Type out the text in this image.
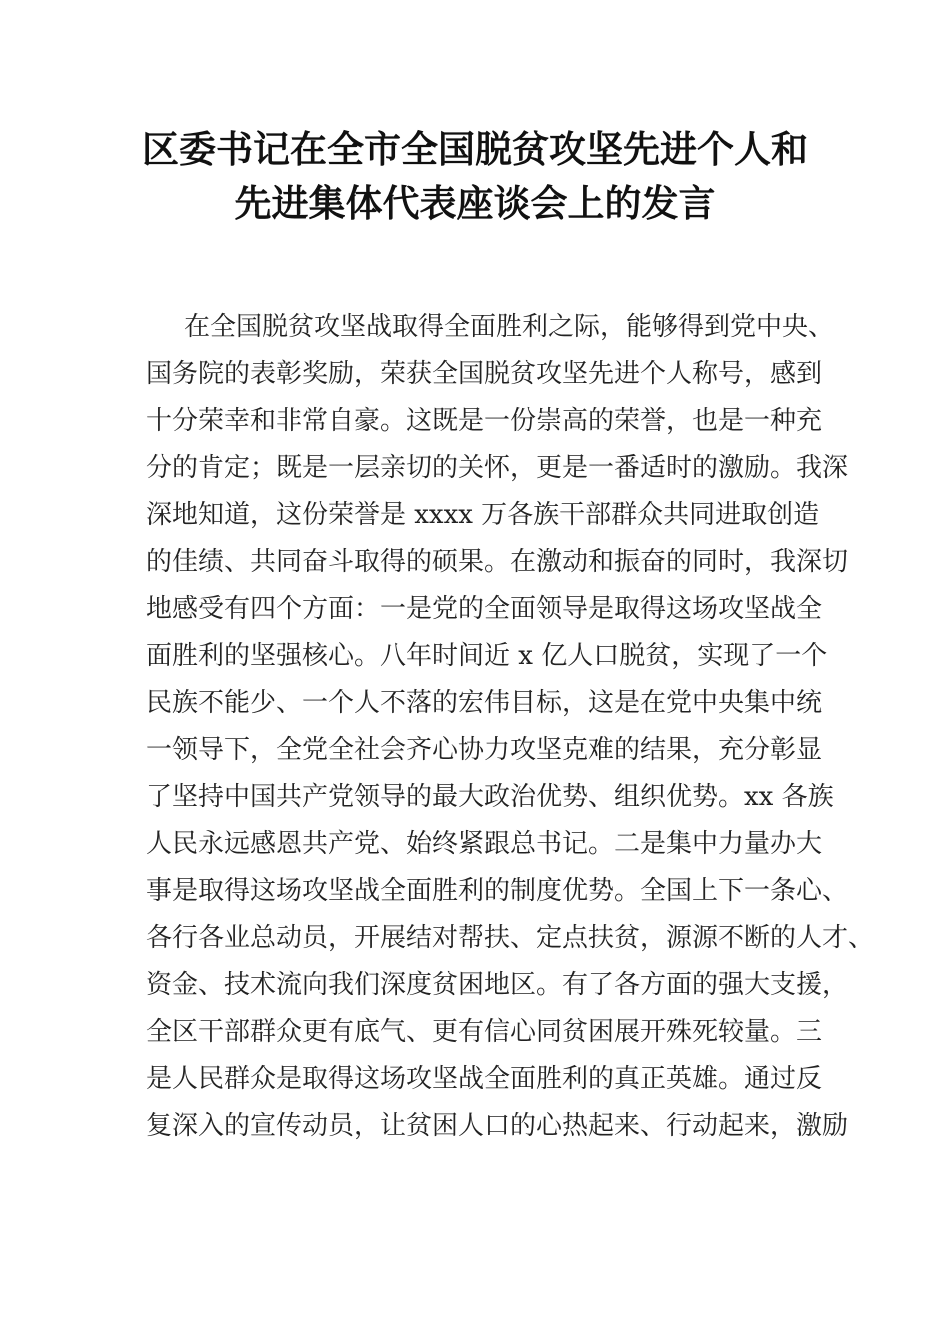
区委书记在全市全国脱贫攻坚先进个人和
先进集体代表座谈会上的发言
在全国脱贫攻坚战取得全面胜利之际，能够得到党中央、
国务院的表彰奖励，荣获全国脱贫攻坚先进个人称号，感到
十分荣幸和非常自豪。这既是一份崇高的荣誉，也是一种充
分的肯定；既是一层亲切的关怀，更是一番适时的激励。我深
深地知道，这份荣誉是 xxxx 万各族干部群众共同进取创造
的佳绩、共同奋斗取得的硕果。在激动和振奋的同时，我深切
地感受有四个方面：一是党的全面领导是取得这场攻坚战全
面胜利的坚强核心。八年时间近 x 亿人口脱贫，实现了一个
民族不能少、一个人不落的宏伟目标，这是在党中央集中统
一领导下，全党全社会齐心协力攻坚克难的结果，充分彰显
了坚持中国共产党领导的最大政治优势、组织优势。xx 各族
人民永远感恩共产党、始终紧跟总书记。二是集中力量办大
事是取得这场攻坚战全面胜利的制度优势。全国上下一条心、
各行各业总动员，开展结对帮扶、定点扶贫，源源不断的人才、
资金、技术流向我们深度贫困地区。有了各方面的强大支援，
全区干部群众更有底气、更有信心同贫困展开殊死较量。三
是人民群众是取得这场攻坚战全面胜利的真正英雄。通过反
复深入的宣传动员，让贫困人口的心热起来、行动起来，激励
